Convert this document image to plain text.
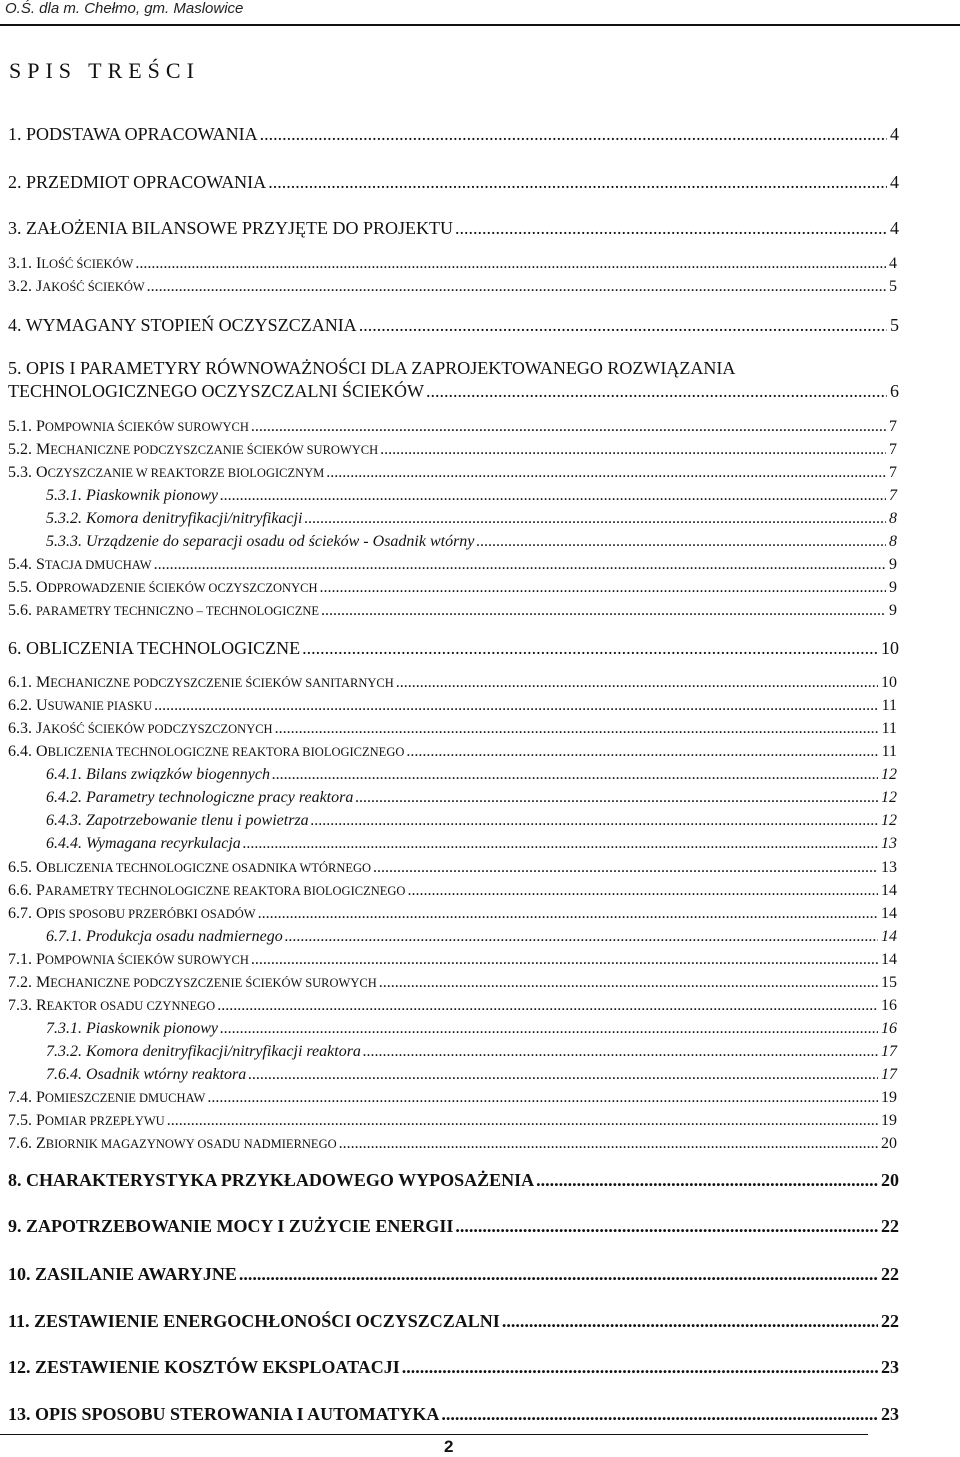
O.Ś. dla m. Chełmo, gm. Maslowice
SPIS TREŚCI
1. PODSTAWA OPRACOWANIA .....	4
2. PRZEDMIOT OPRACOWANIA .....	4
3. ZAŁOŻENIA BILANSOWE PRZYJĘTE DO PROJEKTU .....	4
3.1. ILOŚĆ ŚCIEKÓW .....	4
3.2. JAKOŚĆ ŚCIEKÓW .....	5
4. WYMAGANY STOPIEŃ OCZYSZCZANIA .....	5
5. OPIS I PARAMETYRY RÓWNOWAŻNOŚCI DLA ZAPROJEKTOWANEGO ROZWIĄZANIA
TECHNOLOGICZNEGO OCZYSZCZALNI ŚCIEKÓW .....	6
5.1. POMPOWNIA ŚCIEKÓW SUROWYCH .....	7
5.2. MECHANICZNE PODCZYSZCZANIE ŚCIEKÓW SUROWYCH .....	7
5.3. OCZYSZCZANIE W REAKTORZE BIOLOGICZNYM .....	7
5.3.1. Piaskownik pionowy .....	7
5.3.2. Komora denitryfikacji/nitryfikacji .....	8
5.3.3. Urządzenie do separacji osadu od ścieków - Osadnik wtórny .....	8
5.4. STACJA DMUCHAW .....	9
5.5. ODPROWADZENIE ŚCIEKÓW OCZYSZCZONYCH .....	9
5.6. PARAMETRY TECHNICZNO – TECHNOLOGICZNE .....	9
6. OBLICZENIA TECHNOLOGICZNE .....	10
6.1. MECHANICZNE PODCZYSZCZENIE ŚCIEKÓW SANITARNYCH .....	10
6.2. USUWANIE PIASKU .....	11
6.3. JAKOŚĆ ŚCIEKÓW PODCZYSZCZONYCH .....	11
6.4. OBLICZENIA TECHNOLOGICZNE REAKTORA BIOLOGICZNEGO .....	11
6.4.1. Bilans związków biogennych .....	12
6.4.2. Parametry technologiczne pracy reaktora .....	12
6.4.3. Zapotrzebowanie tlenu i powietrza .....	12
6.4.4. Wymagana recyrkulacja .....	13
6.5. OBLICZENIA TECHNOLOGICZNE OSADNIKA WTÓRNEGO .....	13
6.6. PARAMETRY TECHNOLOGICZNE REAKTORA BIOLOGICZNEGO .....	14
6.7. OPIS SPOSOBU PRZERÓBKI OSADÓW .....	14
6.7.1. Produkcja osadu nadmiernego .....	14
7.1. POMPOWNIA ŚCIEKÓW SUROWYCH .....	14
7.2. MECHANICZNE PODCZYSZCZENIE ŚCIEKÓW SUROWYCH .....	15
7.3. REAKTOR OSADU CZYNNEGO .....	16
7.3.1. Piaskownik pionowy .....	16
7.3.2. Komora denitryfikacji/nitryfikacji reaktora .....	17
7.6.4. Osadnik wtórny reaktora .....	17
7.4. POMIESZCZENIE DMUCHAW .....	19
7.5. POMIAR PRZEPŁYWU .....	19
7.6. ZBIORNIK MAGAZYNOWY OSADU NADMIERNEGO .....	20
8. CHARAKTERYSTYKA PRZYKŁADOWEGO WYPOSAŻENIA .....	20
9. ZAPOTRZEBOWANIE MOCY I ZUŻYCIE ENERGII .....	22
10. ZASILANIE AWARYJNE .....	22
11. ZESTAWIENIE ENERGOCHŁONOŚCI OCZYSZCZALNI .....	22
12. ZESTAWIENIE KOSZTÓW EKSPLOATACJI .....	23
13. OPIS SPOSOBU STEROWANIA I AUTOMATYKA .....	23
2
